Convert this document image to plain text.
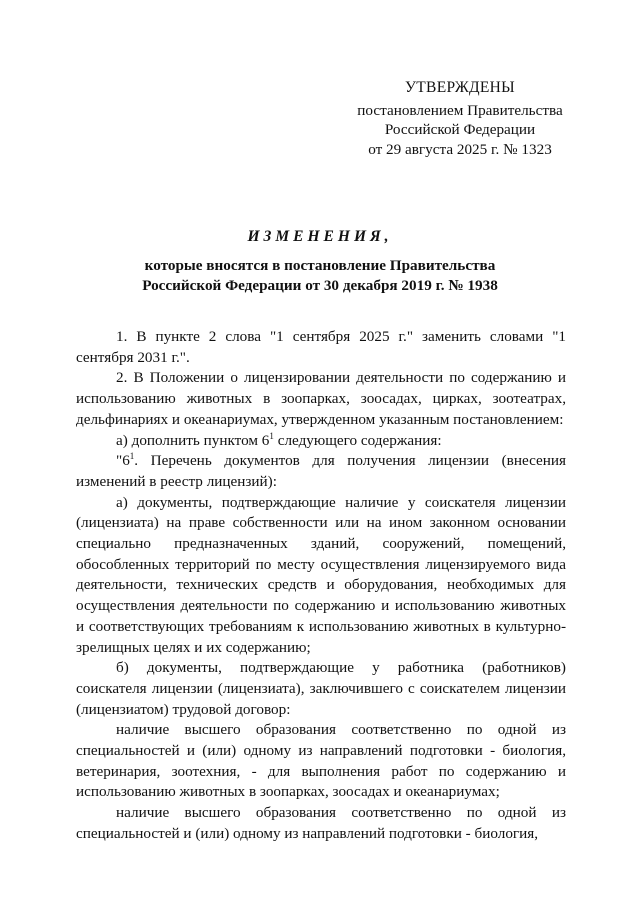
УТВЕРЖДЕНЫ
постановлением Правительства
Российской Федерации
от 29 августа 2025 г. № 1323
ИЗМЕНЕНИЯ,
которые вносятся в постановление Правительства
Российской Федерации от 30 декабря 2019 г. № 1938

1. В пункте 2 слова "1 сентября 2025 г." заменить словами "1 сентября 2031 г.".

2. В Положении о лицензировании деятельности по содержанию и использованию животных в зоопарках, зоосадах, цирках, зоотеатрах, дельфинариях и океанариумах, утвержденном указанным постановлением:

а) дополнить пунктом $6^1$ следующего содержания:

"$6^1$. Перечень документов для получения лицензии (внесения изменений в реестр лицензий):

а) документы, подтверждающие наличие у соискателя лицензии (лицензиата) на праве собственности или на ином законном основании специально предназначенных зданий, сооружений, помещений, обособленных территорий по месту осуществления лицензируемого вида деятельности, технических средств и оборудования, необходимых для осуществления деятельности по содержанию и использованию животных и соответствующих требованиям к использованию животных в культурно-зрелищных целях и их содержанию;

б) документы, подтверждающие у работника (работников) соискателя лицензии (лицензиата), заключившего с соискателем лицензии (лицензиатом) трудовой договор:

наличие высшего образования соответственно по одной из специальностей и (или) одному из направлений подготовки - биология, ветеринария, зоотехния, - для выполнения работ по содержанию и использованию животных в зоопарках, зоосадах и океанариумах;

наличие высшего образования соответственно по одной из специальностей и (или) одному из направлений подготовки - биология,
